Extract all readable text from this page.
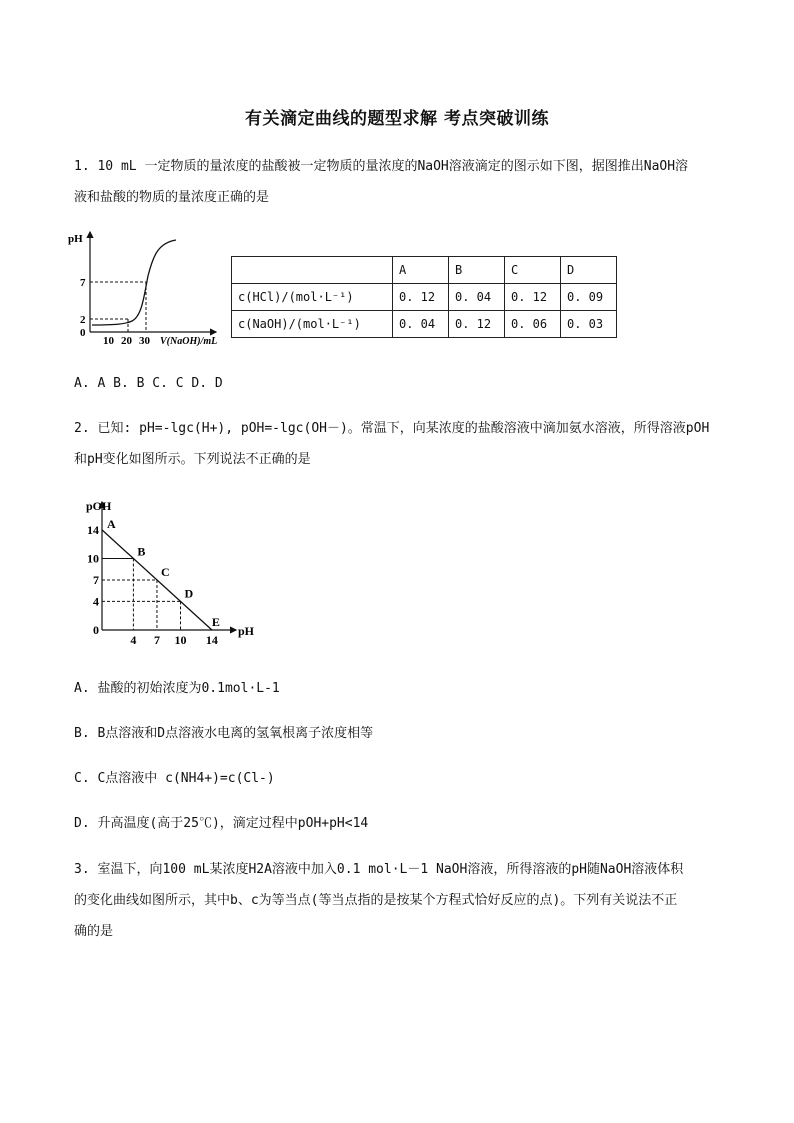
有关滴定曲线的题型求解 考点突破训练
1. 10 mL 一定物质的量浓度的盐酸被一定物质的量浓度的NaOH溶液滴定的图示如下图，据图推出NaOH溶
液和盐酸的物质的量浓度正确的是
pH
7
2
0
10 20 30 V(NaOH)/mL
	A	B	C	D
c(HCl)/(mol·L⁻¹)	0. 12	0. 04	0. 12	0. 09
c(NaOH)/(mol·L⁻¹)	0. 04	0. 12	0. 06	0. 03
A. A B. B C. C D. D
2. 已知: pH=-lgc(H+), pOH=-lgc(OH－)。常温下，向某浓度的盐酸溶液中滴加氨水溶液，所得溶液pOH
和pH变化如图所示。下列说法不正确的是
A
B
C
D
E
14
10
7
4
0
4 7 10 14
pOH
pH
A. 盐酸的初始浓度为0.1mol·L-1
B. B点溶液和D点溶液水电离的氢氧根离子浓度相等
C. C点溶液中 c(NH4+)=c(Cl-)
D. 升高温度(高于25℃)，滴定过程中pOH+pH<14
3. 室温下，向100 mL某浓度H2A溶液中加入0.1 mol·L－1 NaOH溶液，所得溶液的pH随NaOH溶液体积
的变化曲线如图所示，其中b、c为等当点(等当点指的是按某个方程式恰好反应的点)。下列有关说法不正
确的是
